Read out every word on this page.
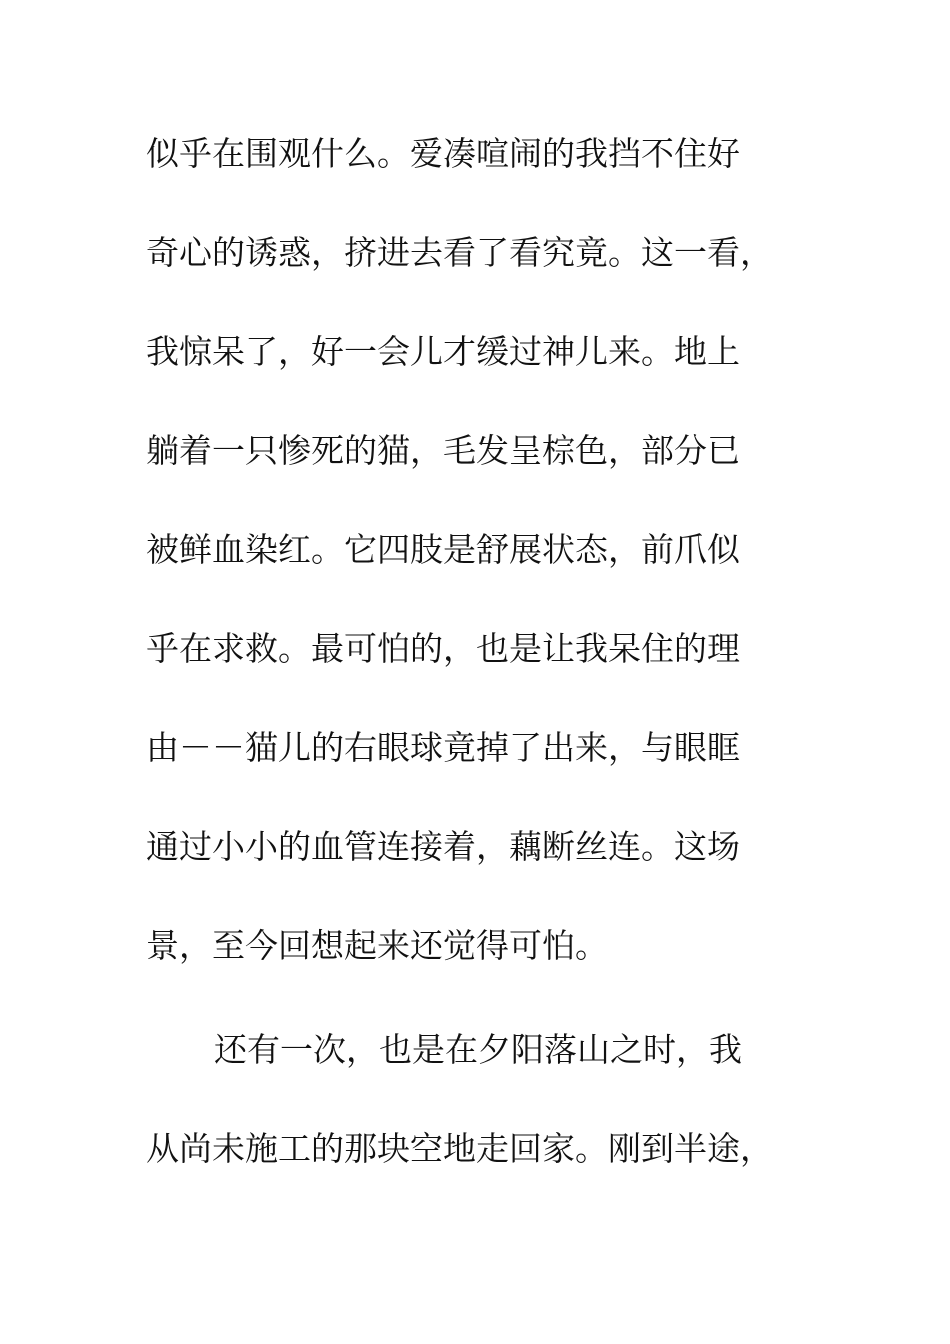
似乎在围观什么。爱凑喧闹的我挡不住好
奇心的诱惑，挤进去看了看究竟。这一看，
我惊呆了，好一会儿才缓过神儿来。地上
躺着一只惨死的猫，毛发呈棕色，部分已
被鲜血染红。它四肢是舒展状态，前爪似
乎在求救。最可怕的，也是让我呆住的理
由－－猫儿的右眼球竟掉了出来，与眼眶
通过小小的血管连接着，藕断丝连。这场
景，至今回想起来还觉得可怕。
还有一次，也是在夕阳落山之时，我
从尚未施工的那块空地走回家。刚到半途，
